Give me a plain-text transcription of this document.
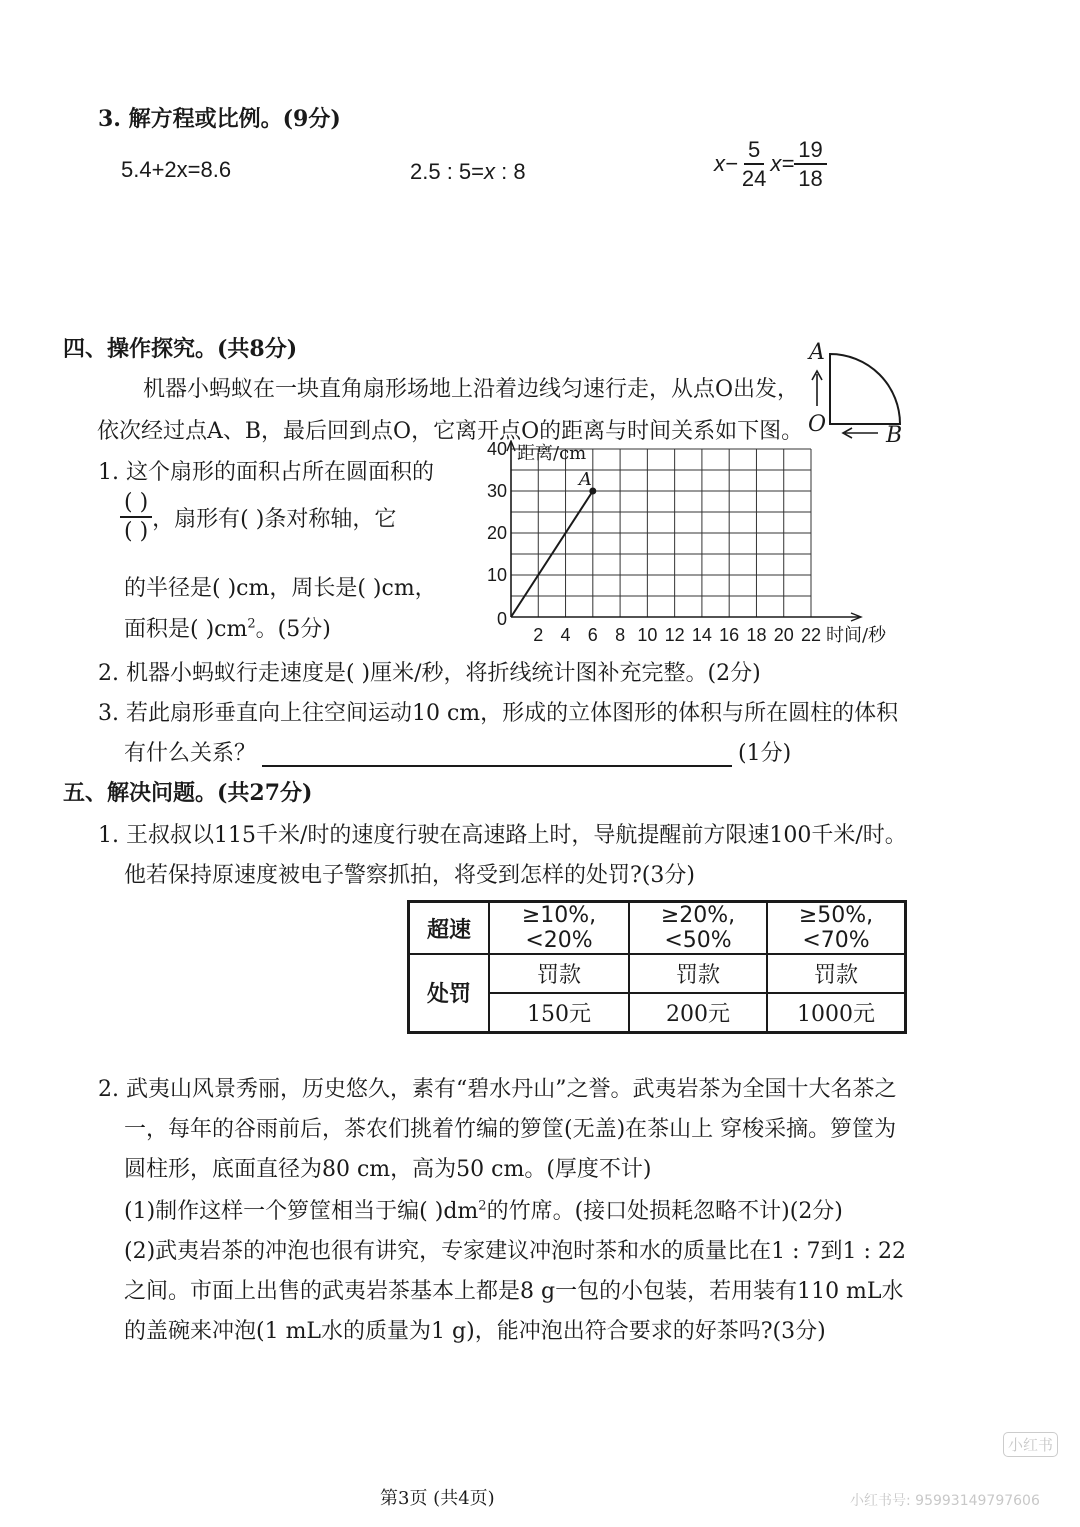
3. 解方程或比例。(9分)
5.4+2x=8.6	2.5 : 5=x : 8	$x- \frac{5}{24} x= \frac{19}{18}$
四、操作探究。(共8分)
机器小蚂蚁在一块直角扇形场地上沿着边线匀速行走，从点O出发，
依次经过点A、B，最后回到点O，它离开点O的距离与时间关系如下图。
A
O	B
1. 这个扇形的面积占所在圆面积的
$\frac{( )}{( )}$ ，扇形有( )条对称轴，它
的半径是( )cm，周长是( )cm，
面积是( )$cm^2$。(5分)	2 4 6 8 10 12 14 16 18 20 22
0
10
20
30
40 距离/cm
时间/秒
A
2. 机器小蚂蚁行走速度是( )厘米/秒，将折线统计图补充完整。(2分)
3. 若此扇形垂直向上往空间运动10 cm，形成的立体图形的体积与所在圆柱的体积
有什么关系？	(1分)
五、解决问题。(共27分)
1. 王叔叔以115千米/时的速度行驶在高速路上时，导航提醒前方限速100千米/时。
他若保持原速度被电子警察抓拍，将受到怎样的处罚?(3分)
超速	≥10%,<20%	≥20%,<50%	≥50%,<70%
处罚	罚款	罚款	罚款
	150元	200元	1000元
2. 武夷山风景秀丽，历史悠久，素有“碧水丹山”之誉。武夷岩茶为全国十大名茶之
一，每年的谷雨前后，茶农们挑着竹编的箩筐(无盖)在茶山上 穿梭采摘。箩筐为
圆柱形，底面直径为80 cm，高为50 cm。(厚度不计)
(1)制作这样一个箩筐相当于编( )$dm^2$的竹席。(接口处损耗忽略不计)(2分)
(2)武夷岩茶的冲泡也很有讲究，专家建议冲泡时茶和水的质量比在1 : 7到1 : 22
之间。市面上出售的武夷岩茶基本上都是8 g一包的小包装，若用装有110 mL水
的盖碗来冲泡(1 mL水的质量为1 g)，能冲泡出符合要求的好茶吗?(3分)
第3页 (共4页)
小红书
小红书号: 95993149797606
